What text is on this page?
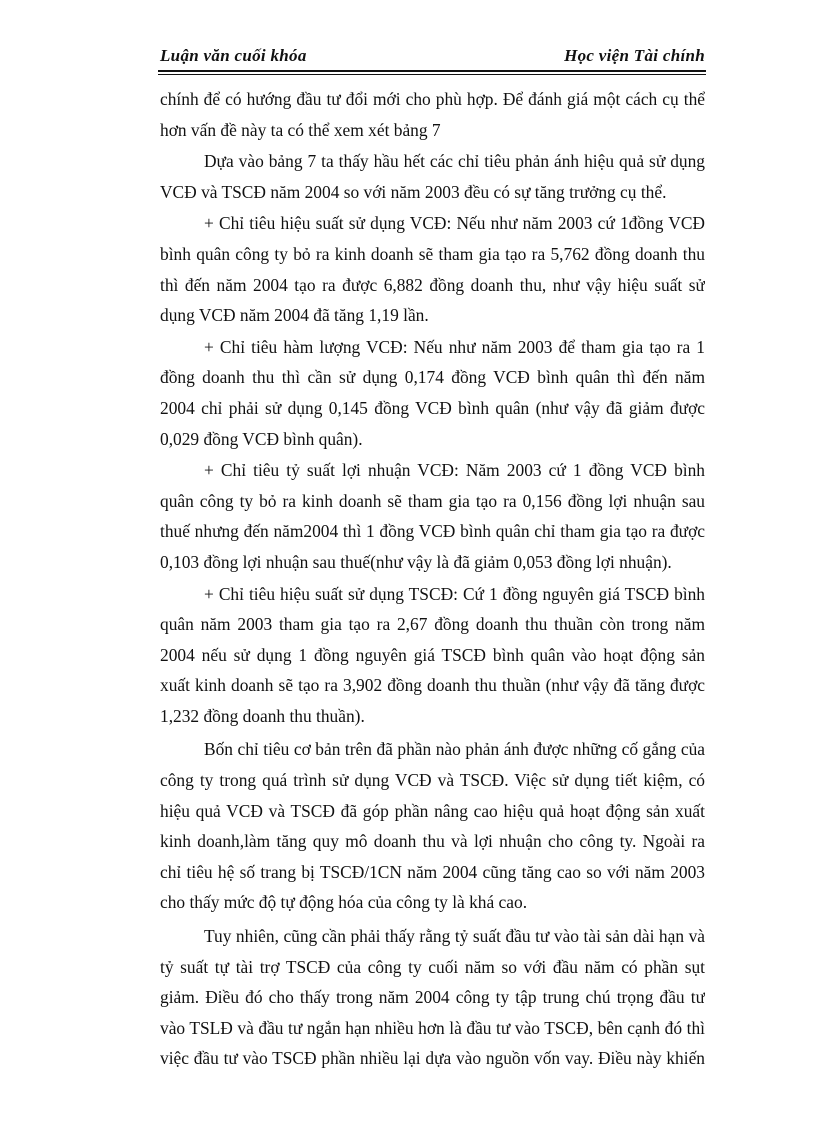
Luận văn cuối khóa	Học viện Tài chính
chính để có hướng đầu tư đổi mới cho phù hợp. Để đánh giá một cách cụ thể
hơn vấn đề này ta có thể xem xét bảng 7
Dựa vào bảng 7 ta thấy hầu hết các chỉ tiêu phản ánh hiệu quả sử dụng
VCĐ và TSCĐ năm 2004 so với năm 2003 đều có sự tăng trưởng cụ thể.
+ Chỉ tiêu hiệu suất sử dụng VCĐ: Nếu như năm 2003 cứ 1đồng VCĐ
bình quân công ty bỏ ra kinh doanh sẽ tham gia tạo ra 5,762 đồng doanh thu
thì đến năm 2004 tạo ra được 6,882 đồng doanh thu, như vậy hiệu suất sử
dụng VCĐ năm 2004 đã tăng 1,19 lần.
+ Chỉ tiêu hàm lượng VCĐ: Nếu như năm 2003 để tham gia tạo ra 1
đồng doanh thu thì cần sử dụng 0,174 đồng VCĐ bình quân thì đến năm
2004 chỉ phải sử dụng 0,145 đồng VCĐ bình quân (như vậy đã giảm được
0,029 đồng VCĐ bình quân).
+ Chỉ tiêu tỷ suất lợi nhuận VCĐ: Năm 2003 cứ 1 đồng VCĐ bình
quân công ty bỏ ra kinh doanh sẽ tham gia tạo ra 0,156 đồng lợi nhuận sau
thuế nhưng đến năm2004 thì 1 đồng VCĐ bình quân chỉ tham gia tạo ra được
0,103 đồng lợi nhuận sau thuế(như vậy là đã giảm 0,053 đồng lợi nhuận).
+ Chỉ tiêu hiệu suất sử dụng TSCĐ: Cứ 1 đồng nguyên giá TSCĐ bình
quân năm 2003 tham gia tạo ra 2,67 đồng doanh thu thuần còn trong năm
2004 nếu sử dụng 1 đồng nguyên giá TSCĐ bình quân vào hoạt động sản
xuất kinh doanh sẽ tạo ra 3,902 đồng doanh thu thuần (như vậy đã tăng được
1,232 đồng doanh thu thuần).
Bốn chỉ tiêu cơ bản trên đã phần nào phản ánh được những cố gắng của
công ty trong quá trình sử dụng VCĐ và TSCĐ. Việc sử dụng tiết kiệm, có
hiệu quả VCĐ và TSCĐ đã góp phần nâng cao hiệu quả hoạt động sản xuất
kinh doanh,làm tăng quy mô doanh thu và lợi nhuận cho công ty. Ngoài ra
chỉ tiêu hệ số trang bị TSCĐ/1CN năm 2004 cũng tăng cao so với năm 2003
cho thấy mức độ tự động hóa của công ty là khá cao.
Tuy nhiên, cũng cần phải thấy rằng tỷ suất đầu tư vào tài sản dài hạn và
tỷ suất tự tài trợ TSCĐ của công ty cuối năm so với đầu năm có phần sụt
giảm. Điều đó cho thấy trong năm 2004 công ty tập trung chú trọng đầu tư
vào TSLĐ và đầu tư ngắn hạn nhiều hơn là đầu tư vào TSCĐ, bên cạnh đó thì
việc đầu tư vào TSCĐ phần nhiều lại dựa vào nguồn vốn vay. Điều này khiến
